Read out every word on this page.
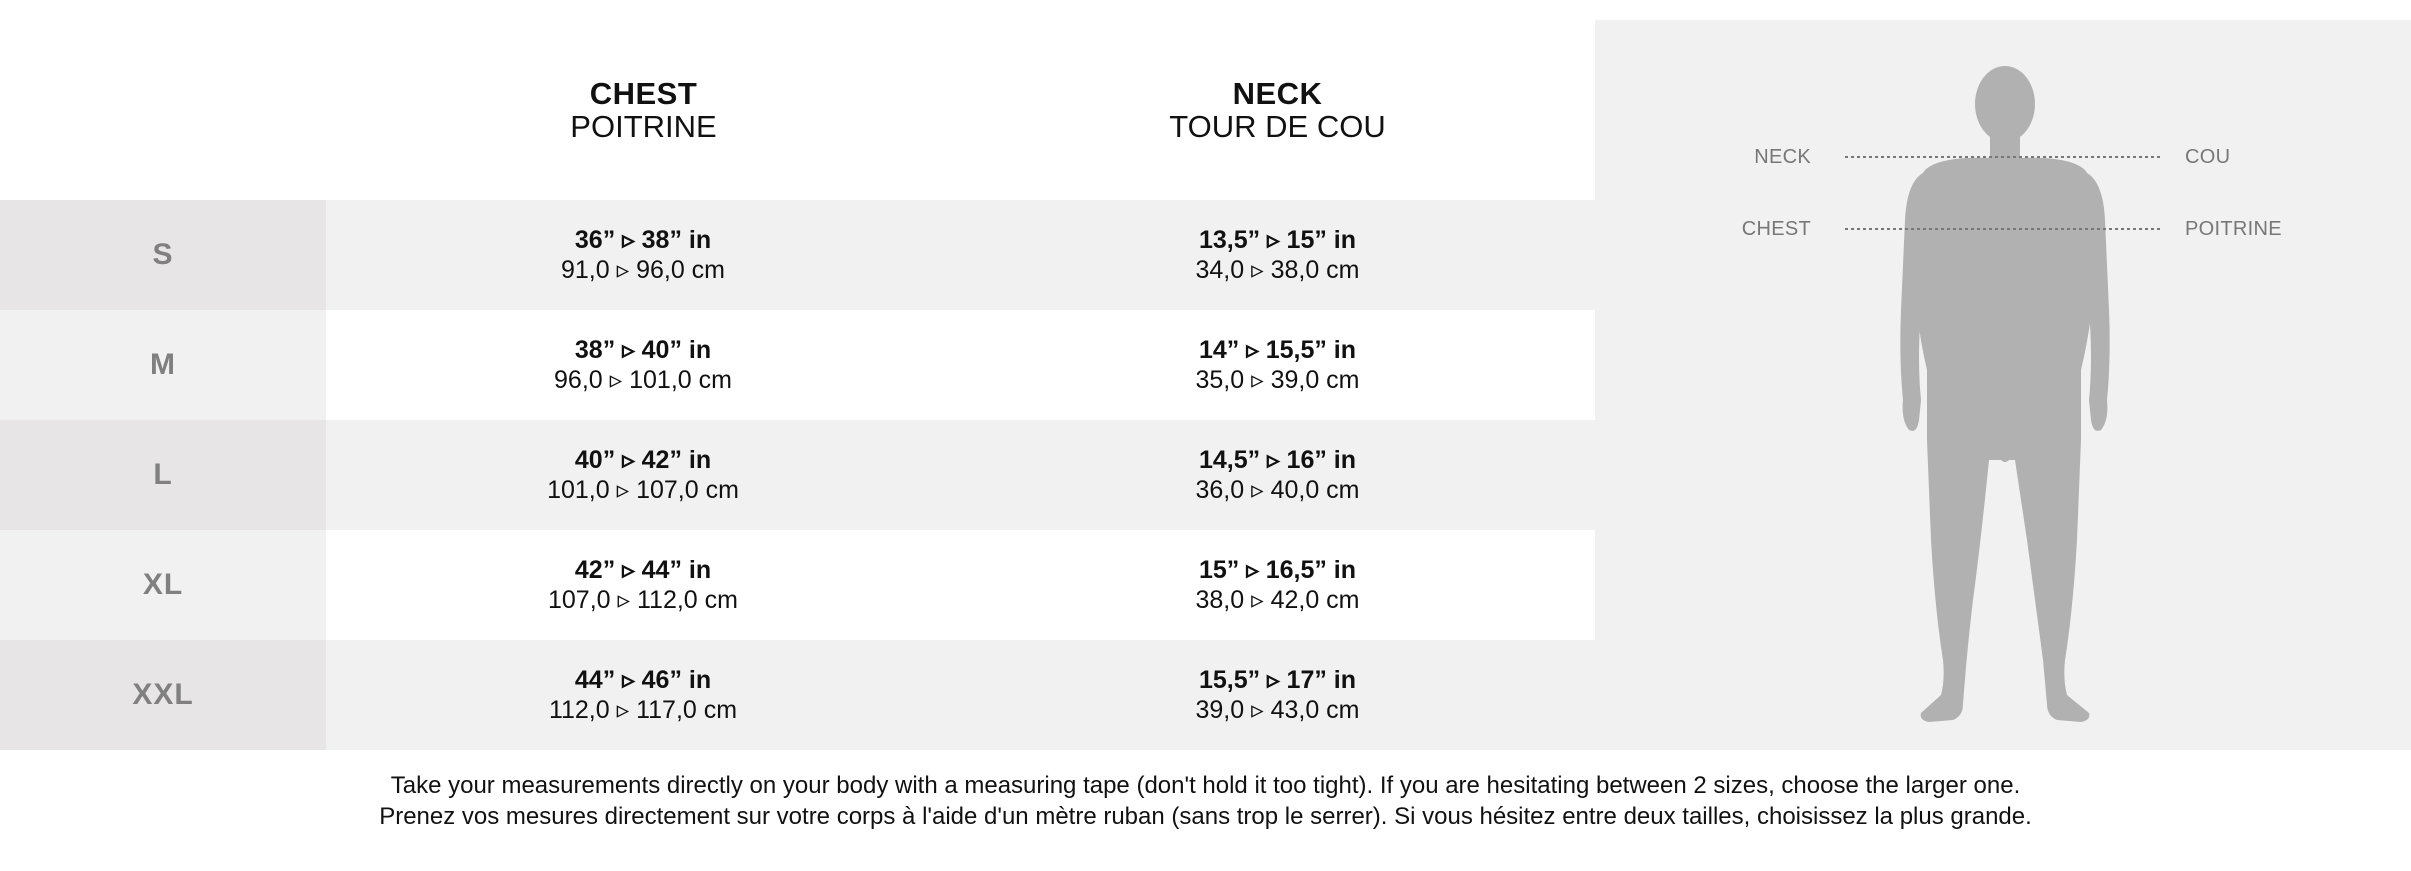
CHEST
POITRINE
NECK
TOUR DE COU
S	36” ▹ 38” in
91,0 ▹ 96,0 cm
13,5” ▹ 15” in
34,0 ▹ 38,0 cm
M	38” ▹ 40” in
96,0 ▹ 101,0 cm
14” ▹ 15,5” in
35,0 ▹ 39,0 cm
L	40” ▹ 42” in
101,0 ▹ 107,0 cm
14,5” ▹ 16” in
36,0 ▹ 40,0 cm
XL	42” ▹ 44” in
107,0 ▹ 112,0 cm
15” ▹ 16,5” in
38,0 ▹ 42,0 cm
XXL	44” ▹ 46” in
112,0 ▹ 117,0 cm
15,5” ▹ 17” in
39,0 ▹ 43,0 cm
NECK	COU
CHEST	POITRINE
Take your measurements directly on your body with a measuring tape (don't hold it too tight). If you are hesitating between 2 sizes, choose the larger one.
Prenez vos mesures directement sur votre corps à l'aide d'un mètre ruban (sans trop le serrer). Si vous hésitez entre deux tailles, choisissez la plus grande.
